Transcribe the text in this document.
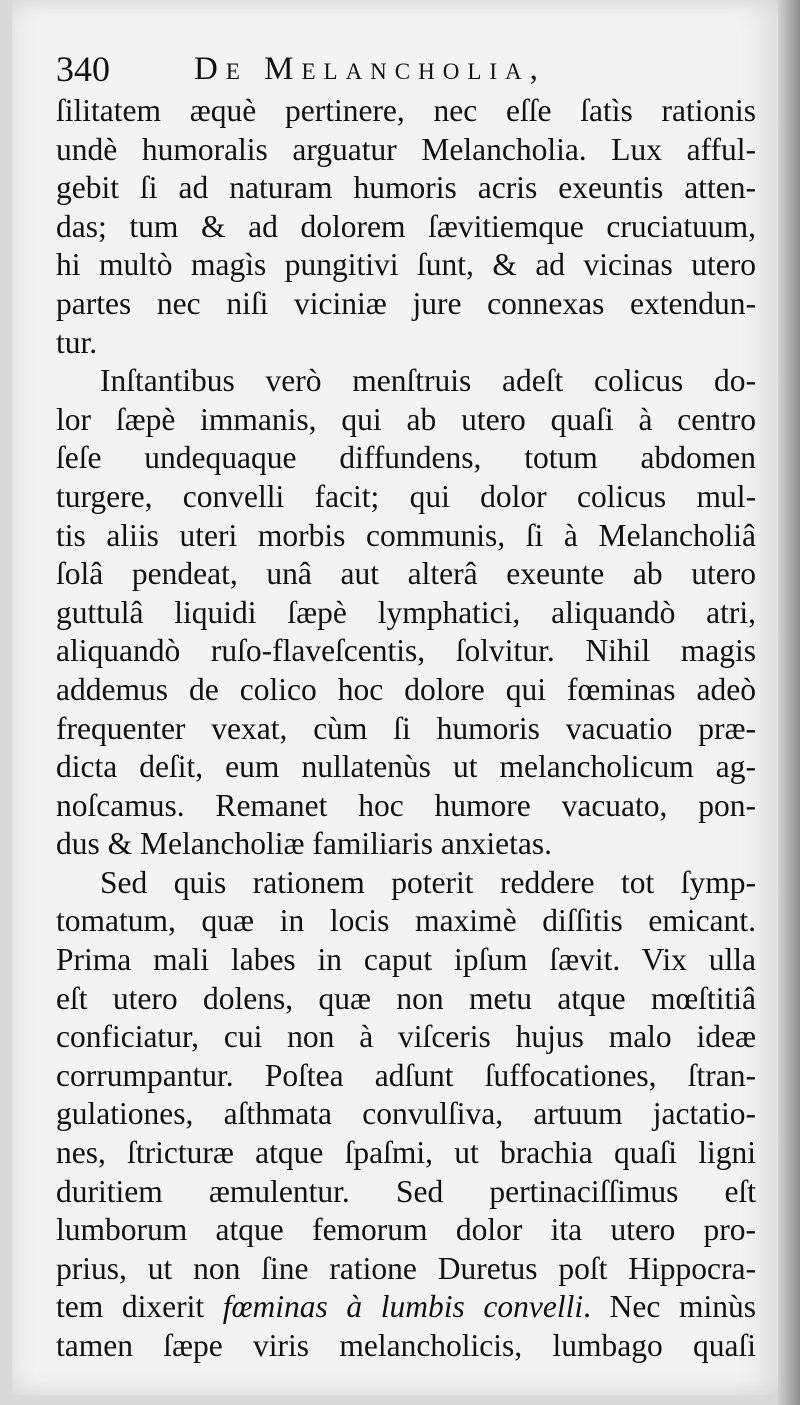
340	De Melancholia,
ſilitatem æquè pertinere, nec eſſe ſatìs rationis
undè humoralis arguatur Melancholia. Lux afful-
gebit ſi ad naturam humoris acris exeuntis atten-
das; tum & ad dolorem ſævitiemque cruciatuum,
hi multò magìs pungitivi ſunt, & ad vicinas utero
partes nec niſi viciniæ jure connexas extendun-
tur.
Inſtantibus verò menſtruis adeſt colicus do-
lor ſæpè immanis, qui ab utero quaſi à centro
ſeſe undequaque diffundens, totum abdomen
turgere, convelli facit; qui dolor colicus mul-
tis aliis uteri morbis communis, ſi à Melancholiâ
ſolâ pendeat, unâ aut alterâ exeunte ab utero
guttulâ liquidi ſæpè lymphatici, aliquandò atri,
aliquandò ruſo-flaveſcentis, ſolvitur. Nihil magis
addemus de colico hoc dolore qui fœminas adeò
frequenter vexat, cùm ſi humoris vacuatio præ-
dicta deſit, eum nullatenùs ut melancholicum ag-
noſcamus. Remanet hoc humore vacuato, pon-
dus & Melancholiæ familiaris anxietas.
Sed quis rationem poterit reddere tot ſymp-
tomatum, quæ in locis maximè diſſitis emicant.
Prima mali labes in caput ipſum ſævit. Vix ulla
eſt utero dolens, quæ non metu atque mœſtitiâ
conficiatur, cui non à viſceris hujus malo ideæ
corrumpantur. Poſtea adſunt ſuffocationes, ſtran-
gulationes, aſthmata convulſiva, artuum jactatio-
nes, ſtricturæ atque ſpaſmi, ut brachia quaſi ligni
duritiem æmulentur. Sed pertinaciſſimus eſt
lumborum atque femorum dolor ita utero pro-
prius, ut non ſine ratione Duretus poſt Hippocra-
tem dixerit fœminas à lumbis convelli. Nec minùs
tamen ſæpe viris melancholicis, lumbago quaſi
